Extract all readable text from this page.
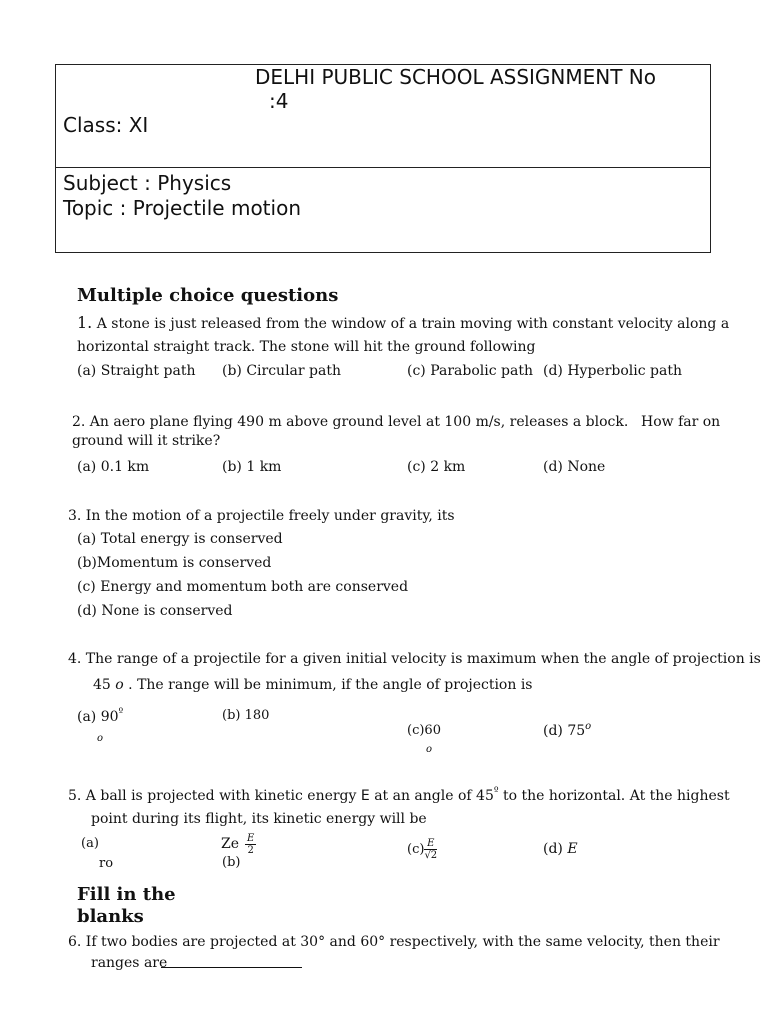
DELHI PUBLIC SCHOOL ASSIGNMENT No
:4
Class: XI
Subject : Physics
Topic : Projectile motion
Multiple choice questions
1. A stone is just released from the window of a train moving with constant velocity along a
horizontal straight track. The stone will hit the ground following
(a) Straight path (b) Circular path	(c) Parabolic path (d) Hyperbolic path
2. An aero plane flying 490 m above ground level at 100 m/s, releases a block. How far on
ground will it strike?
(a) 0.1 km	(b) 1 km	(c) 2 km	(d) None
3. In the motion of a projectile freely under gravity, its
(a) Total energy is conserved
(b)Momentum is conserved
(c) Energy and momentum both are conserved
(d) None is conserved
4. The range of a projectile for a given initial velocity is maximum when the angle of projection is
45 o . The range will be minimum, if the angle of projection is
(a) $90^º$
o
(b) 180
(c)60
o
(d) 75$^o$
5. A ball is projected with kinetic energy E at an angle of $45^º$ to the horizontal. At the highest
point during its flight, its kinetic energy will be
(a)
ro
Ze $\frac{E}{2}$
(b)
$(c) \frac{E}{√2}$	(d) E
Fill in the
blanks
6. If two bodies are projected at 30° and 60° respectively, with the same velocity, then their
ranges are
